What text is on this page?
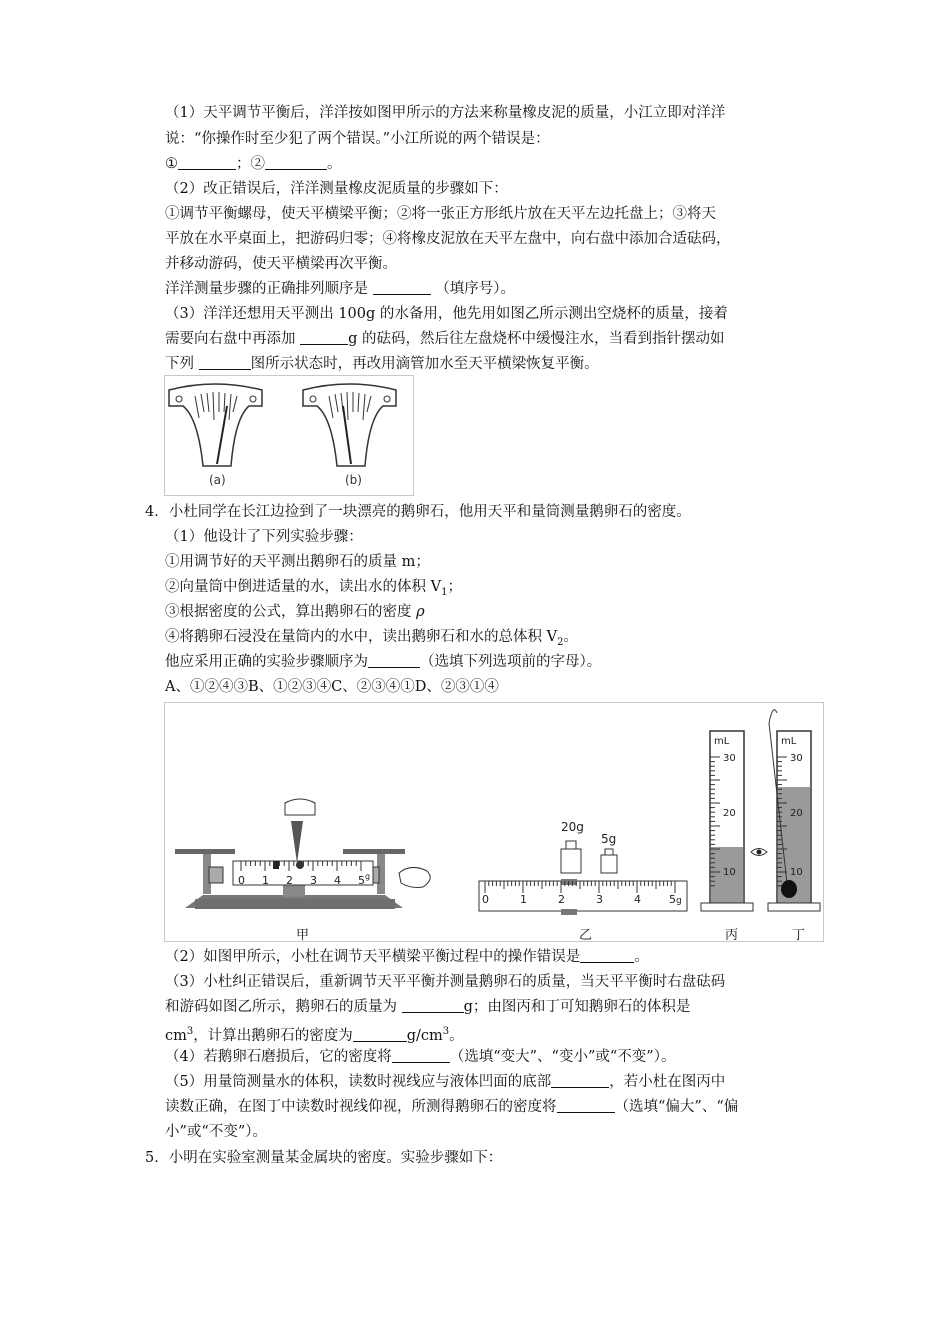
（1）天平调节平衡后，洋洋按如图甲所示的方法来称量橡皮泥的质量，小江立即对洋洋
说：“你操作时至少犯了两个错误。”小江所说的两个错误是：
①	；②	。
（2）改正错误后，洋洋测量橡皮泥质量的步骤如下：
①调节平衡螺母，使天平横梁平衡；②将一张正方形纸片放在天平左边托盘上；③将天
平放在水平桌面上，把游码归零；④将橡皮泥放在天平左盘中，向右盘中添加合适砝码，
并移动游码，使天平横梁再次平衡。
洋洋测量步骤的正确排列顺序是	（填序号）。
（3）洋洋还想用天平测出 100g 的水备用，他先用如图乙所示测出空烧杯的质量，接着
需要向右盘中再添加	g 的砝码，然后往左盘烧杯中缓慢注水，当看到指针摆动如
下列	图所示状态时，再改用滴管加水至天平横梁恢复平衡。
(a)	(b)
4．小杜同学在长江边捡到了一块漂亮的鹅卵石，他用天平和量筒测量鹅卵石的密度。
（1）他设计了下列实验步骤：
①用调节好的天平测出鹅卵石的质量 m；
②向量筒中倒进适量的水，读出水的体积 $V_1$；
③根据密度的公式，算出鹅卵石的密度 ρ
④将鹅卵石浸没在量筒内的水中，读出鹅卵石和水的总体积 $V_2$。
他应采用正确的实验步骤顺序为	（选填下列选项前的字母）。
A、①②④③B、①②③④C、②③④①D、②③①④
0 1 2 3 4 5 g
甲
20g
5g
0	1	2	3	4	5 g
乙
mL
30
20
10
丙
mL
30
20
10
丁
（2）如图甲所示，小杜在调节天平横梁平衡过程中的操作错误是	。
（3）小杜纠正错误后，重新调节天平平衡并测量鹅卵石的质量，当天平平衡时右盘砝码
和游码如图乙所示，鹅卵石的质量为	g；由图丙和丁可知鹅卵石的体积是
$cm^3$，计算出鹅卵石的密度为	$g/cm^3$。
（4）若鹅卵石磨损后，它的密度将	（选填“变大”、“变小”或“不变”）。
（5）用量筒测量水的体积，读数时视线应与液体凹面的底部	，若小杜在图丙中
读数正确，在图丁中读数时视线仰视，所测得鹅卵石的密度将	（选填“偏大”、“偏
小”或“不变”）。
5．小明在实验室测量某金属块的密度。实验步骤如下：
